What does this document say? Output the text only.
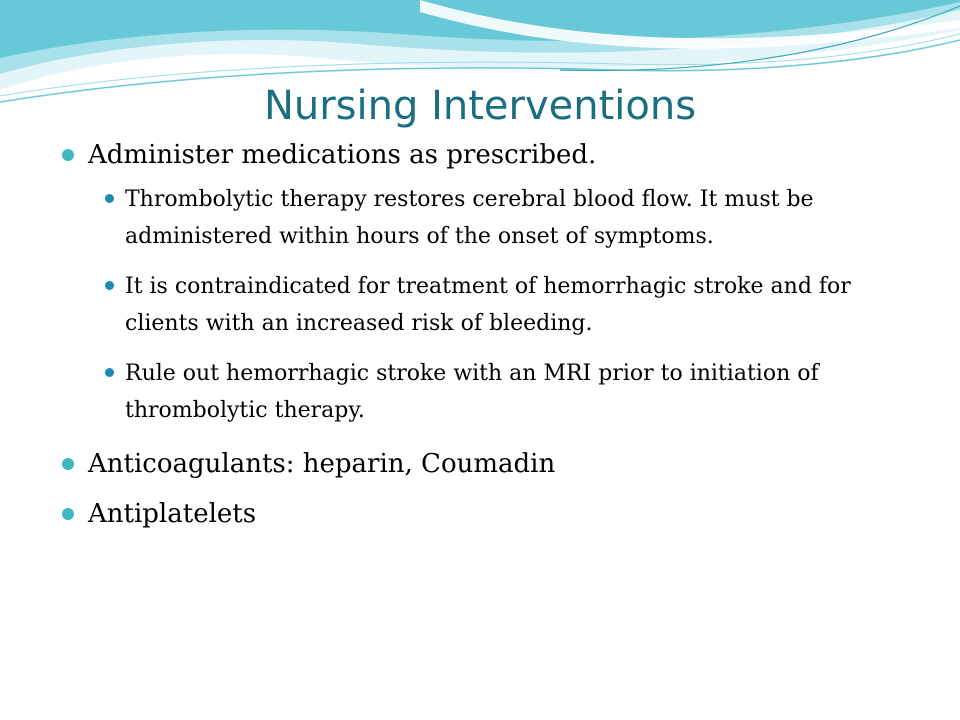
Nursing Interventions
Administer medications as prescribed.
Thrombolytic therapy restores cerebral blood flow. It must be administered within hours of the onset of symptoms.
It is contraindicated for treatment of hemorrhagic stroke and for clients with an increased risk of bleeding.
Rule out hemorrhagic stroke with an MRI prior to initiation of thrombolytic therapy.
Anticoagulants: heparin, Coumadin
Antiplatelets
